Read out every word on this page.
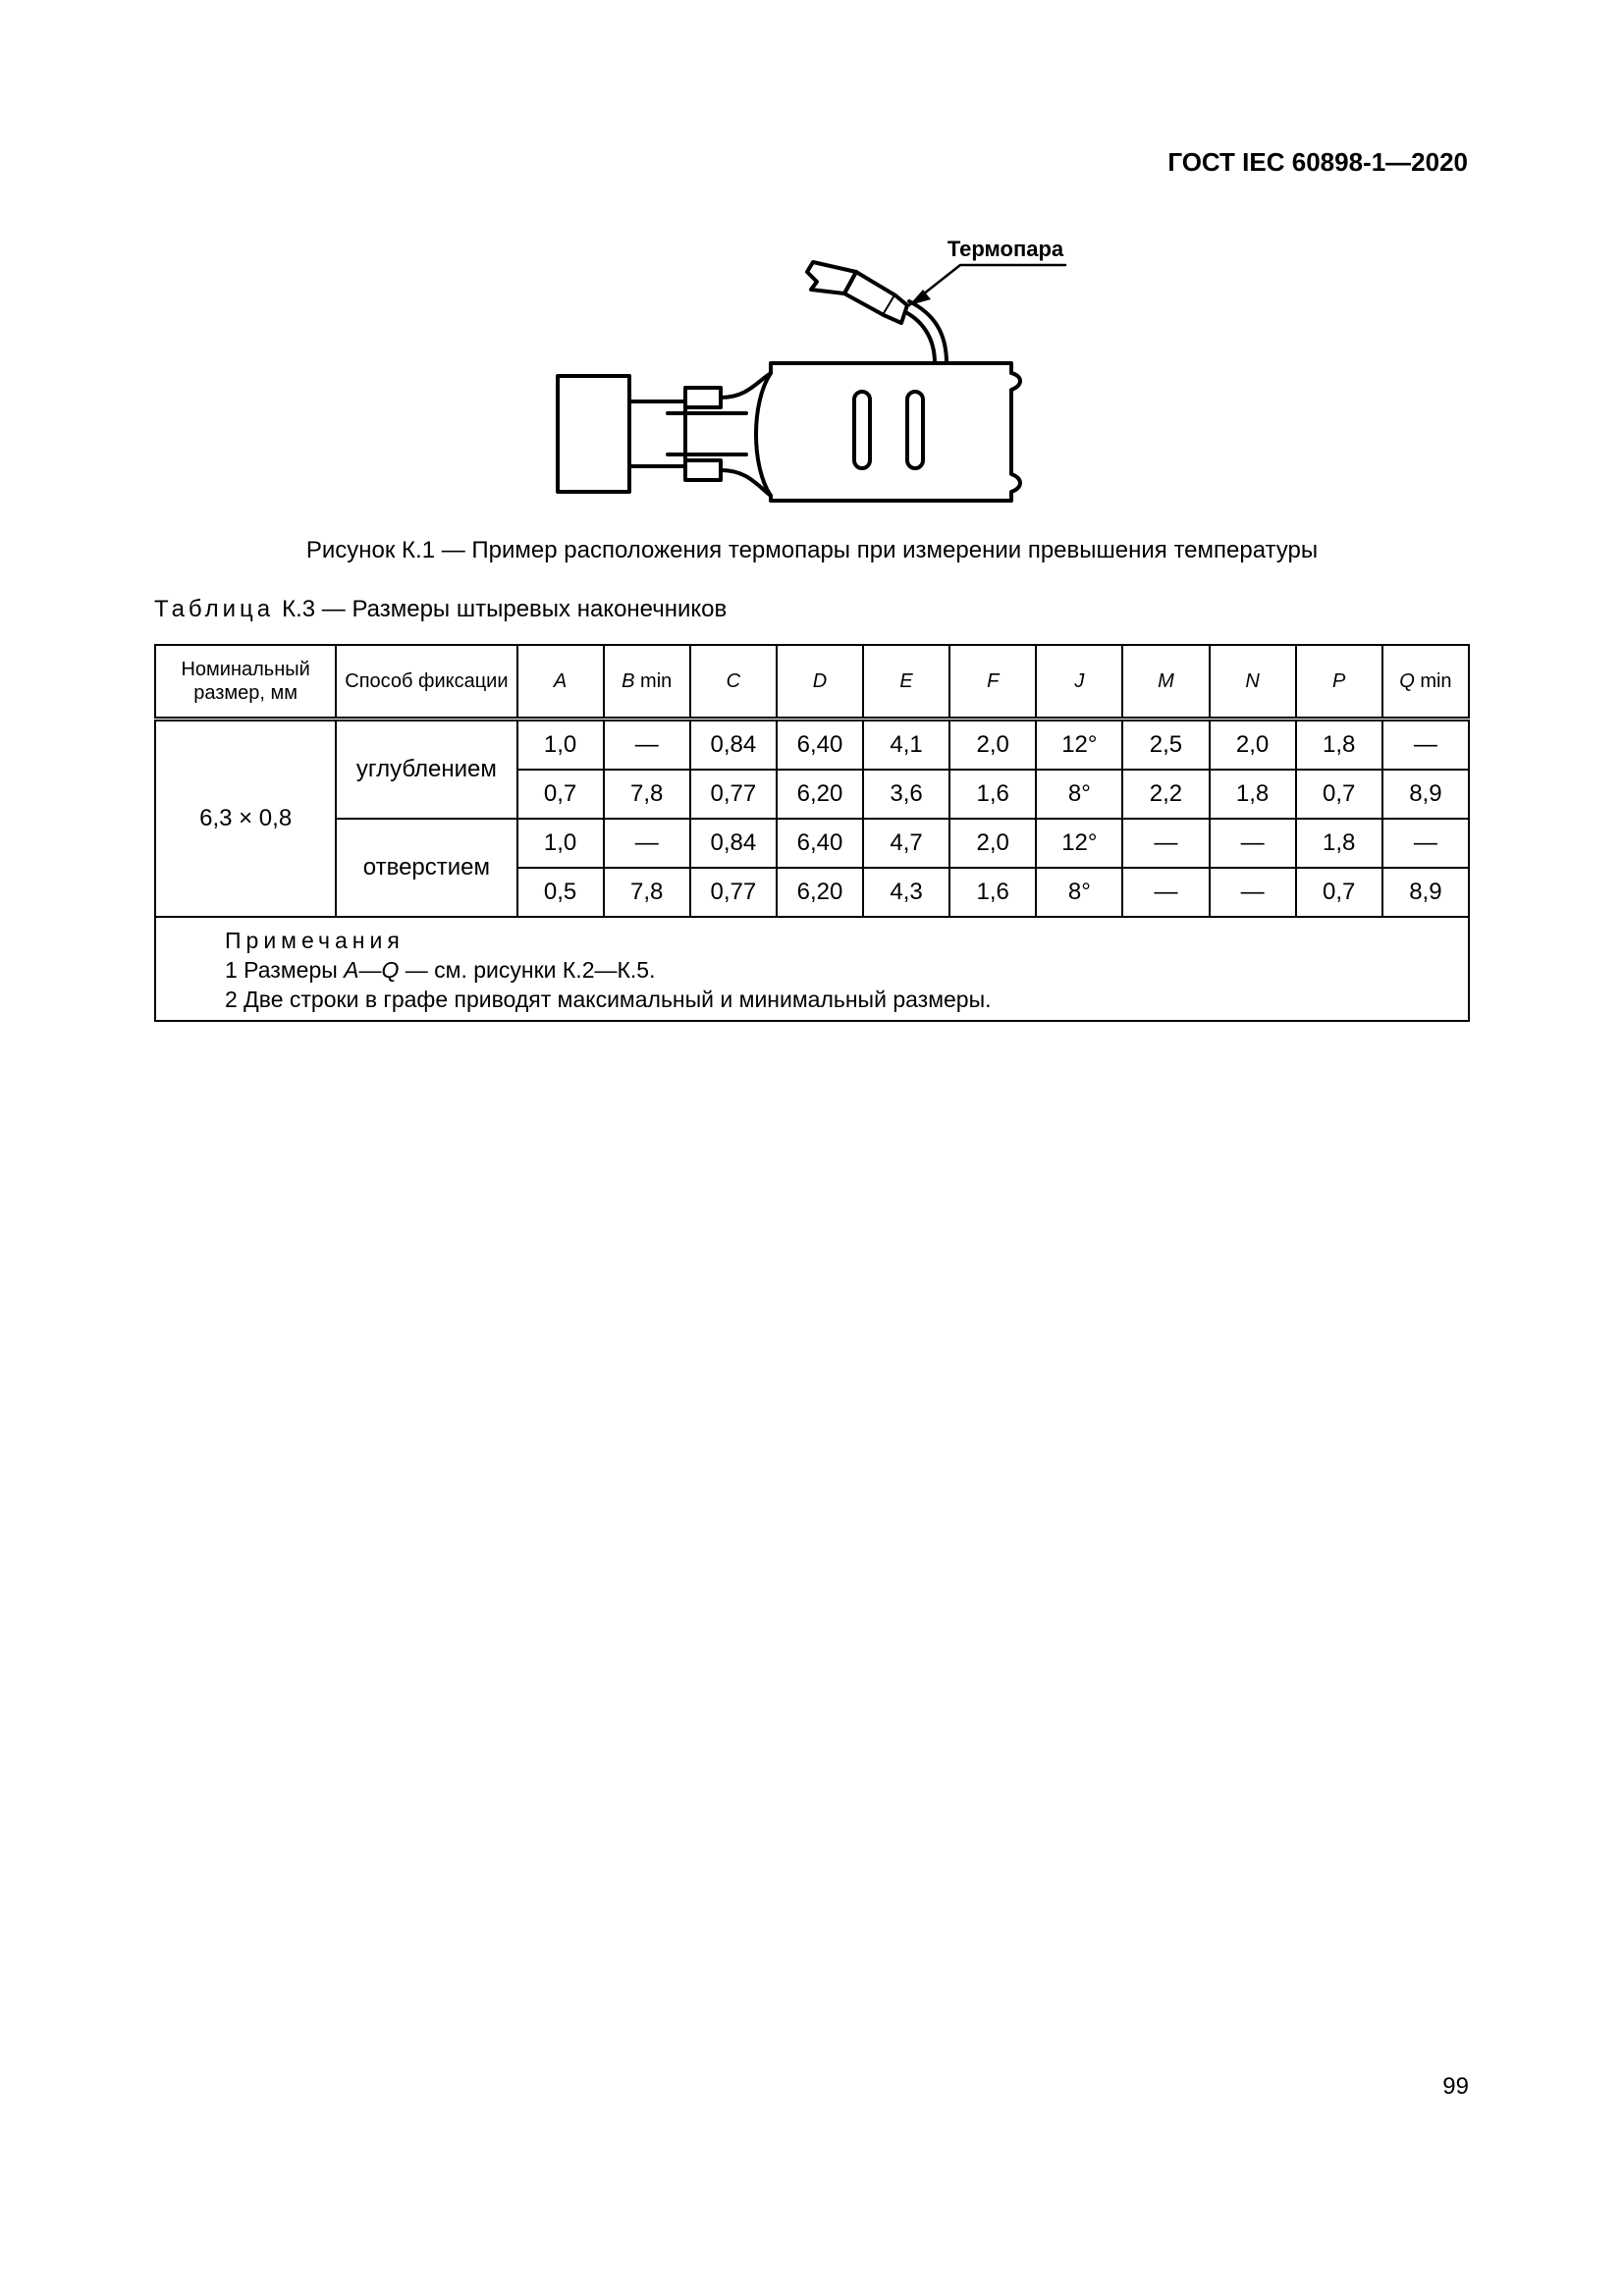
ГОСТ IEC 60898-1—2020
Термопара
Рисунок К.1 — Пример расположения термопары при измерении превышения температуры
Таблица К.3 — Размеры штыревых наконечников
Номинальный размер, мм	Способ фиксации	A	B min	C	D	E	F	J	M	N	P	Q min
6,3 × 0,8	углублением	1,0	—	0,84	6,40	4,1	2,0	12°	2,5	2,0	1,8	—
		0,7	7,8	0,77	6,20	3,6	1,6	8°	2,2	1,8	0,7	8,9
	отверстием	1,0	—	0,84	6,40	4,7	2,0	12°	—	—	1,8	—
		0,5	7,8	0,77	6,20	4,3	1,6	8°	—	—	0,7	8,9

Примечания
1 Размеры A—Q — см. рисунки К.2—К.5.
2 Две строки в графе приводят максимальный и минимальный размеры.												
99
